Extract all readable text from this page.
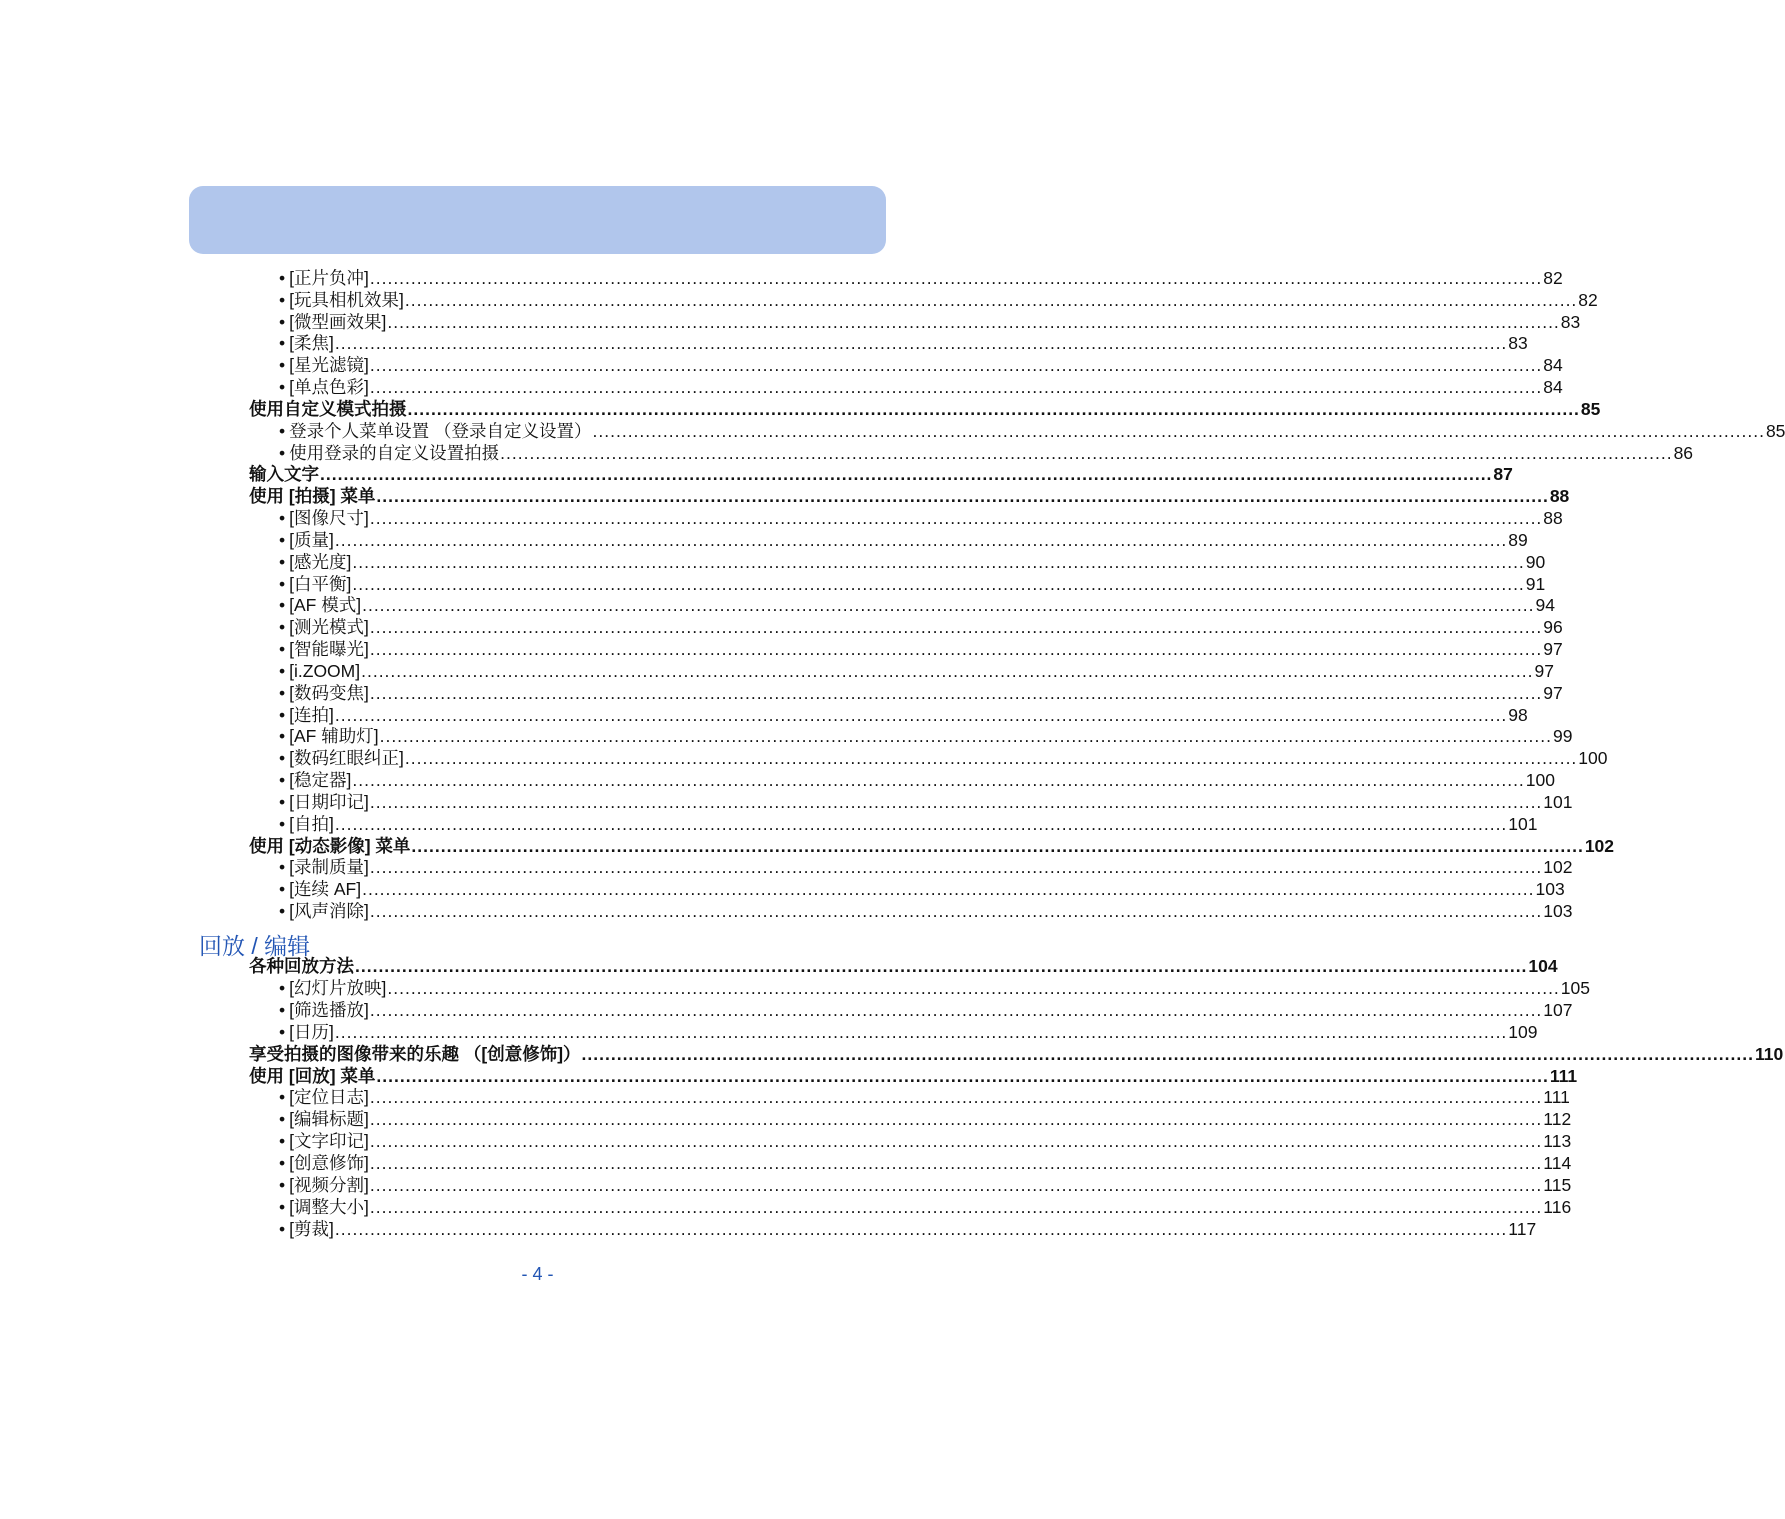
• [正片负冲] ........................................................................................................................................................................................................ 82
• [玩具相机效果] ........................................................................................................................................................................................................ 82
• [微型画效果] ........................................................................................................................................................................................................ 83
• [柔焦] ........................................................................................................................................................................................................ 83
• [星光滤镜] ........................................................................................................................................................................................................ 84
• [单点色彩] ........................................................................................................................................................................................................ 84
使用自定义模式拍摄 ........................................................................................................................................................................................................ 85
• 登录个人菜单设置 （登录自定义设置） ........................................................................................................................................................................................................ 85
• 使用登录的自定义设置拍摄 ........................................................................................................................................................................................................ 86
输入文字 ........................................................................................................................................................................................................ 87
使用 [拍摄] 菜单 ........................................................................................................................................................................................................ 88
• [图像尺寸] ........................................................................................................................................................................................................ 88
• [质量] ........................................................................................................................................................................................................ 89
• [感光度] ........................................................................................................................................................................................................ 90
• [白平衡] ........................................................................................................................................................................................................ 91
• [AF 模式] ........................................................................................................................................................................................................ 94
• [测光模式] ........................................................................................................................................................................................................ 96
• [智能曝光] ........................................................................................................................................................................................................ 97
• [i.ZOOM] ........................................................................................................................................................................................................ 97
• [数码变焦] ........................................................................................................................................................................................................ 97
• [连拍] ........................................................................................................................................................................................................ 98
• [AF 辅助灯] ........................................................................................................................................................................................................ 99
• [数码红眼纠正] ........................................................................................................................................................................................................ 100
• [稳定器] ........................................................................................................................................................................................................ 100
• [日期印记] ........................................................................................................................................................................................................ 101
• [自拍] ........................................................................................................................................................................................................ 101
使用 [动态影像] 菜单 ........................................................................................................................................................................................................ 102
• [录制质量] ........................................................................................................................................................................................................ 102
• [连续 AF] ........................................................................................................................................................................................................ 103
• [风声消除] ........................................................................................................................................................................................................ 103
回放 / 编辑
各种回放方法 ........................................................................................................................................................................................................ 104
• [幻灯片放映] ........................................................................................................................................................................................................ 105
• [筛选播放] ........................................................................................................................................................................................................ 107
• [日历] ........................................................................................................................................................................................................ 109
享受拍摄的图像带来的乐趣 （[创意修饰]） ........................................................................................................................................................................................................ 110
使用 [回放] 菜单 ........................................................................................................................................................................................................ 111
• [定位日志] ........................................................................................................................................................................................................ 111
• [编辑标题] ........................................................................................................................................................................................................ 112
• [文字印记] ........................................................................................................................................................................................................ 113
• [创意修饰] ........................................................................................................................................................................................................ 114
• [视频分割] ........................................................................................................................................................................................................ 115
• [调整大小] ........................................................................................................................................................................................................ 116
• [剪裁] ........................................................................................................................................................................................................ 117
- 4 -
